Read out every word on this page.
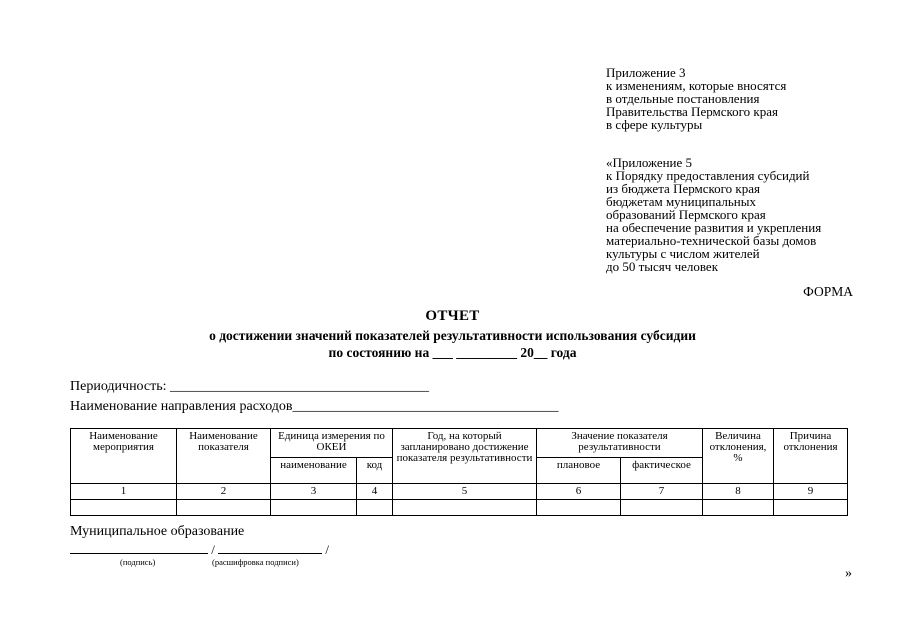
Приложение 3
к изменениям, которые вносятся
в отдельные постановления
Правительства Пермского края
в сфере культуры
«Приложение 5
к Порядку предоставления субсидий
из бюджета Пермского края
бюджетам муниципальных
образований Пермского края
на обеспечение развития и укрепления
материально-технической базы домов
культуры с числом жителей
до 50 тысяч человек
ФОРМА
ОТЧЕТ
о достижении значений показателей результативности использования субсидии
по состоянию на ___ _________ 20__ года
Периодичность: _____________________________________
Наименование направления расходов______________________________________
Наименование мероприятия	Наименование показателя	Единица измерения по ОКЕИ		Год, на который запланировано достижение показателя результативности	Значение показателя результативности		Величина отклонения, %	Причина отклонения
		наименование	код		плановое	фактическое		
1	2	3	4	5	6	7	8	9

Муниципальное образование
/	/
(подпись)	(расшифровка подписи)
»
